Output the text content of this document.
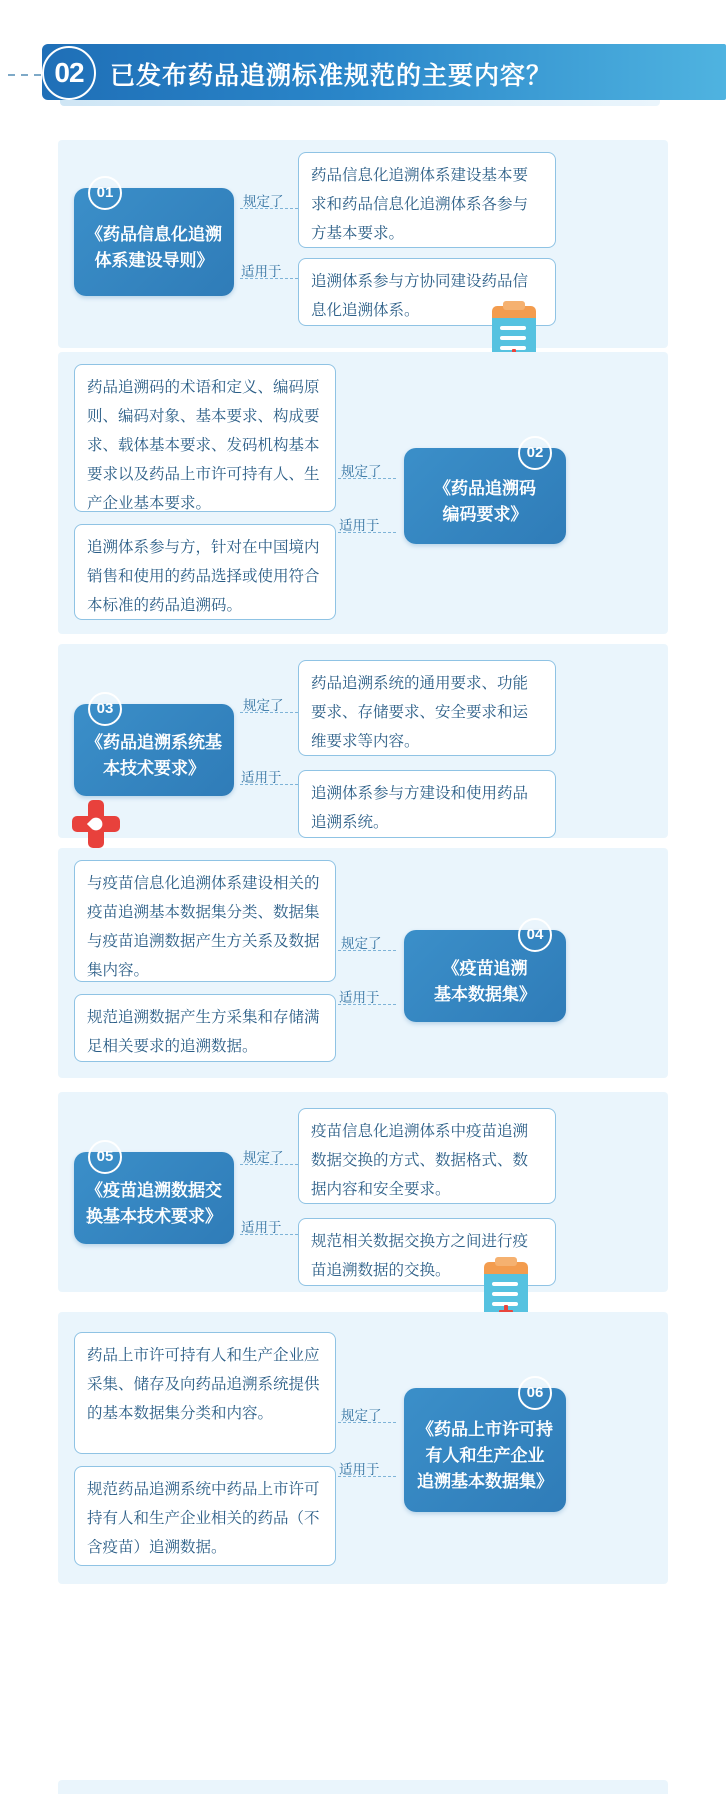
02	已发布药品追溯标准规范的主要内容？
01
《药品信息化追溯
体系建设导则》
规定了
药品信息化追溯体系建设基本要求和药品信息化追溯体系各参与方基本要求。
适用于
追溯体系参与方协同建设药品信息化追溯体系。
药品追溯码的术语和定义、编码原则、编码对象、基本要求、构成要求、载体基本要求、发码机构基本要求以及药品上市许可持有人、生产企业基本要求。
规定了
追溯体系参与方，针对在中国境内销售和使用的药品选择或使用符合本标准的药品追溯码。
适用于
02
《药品追溯码
编码要求》
03
《药品追溯系统基
本技术要求》
规定了
药品追溯系统的通用要求、功能要求、存储要求、安全要求和运维要求等内容。
适用于
追溯体系参与方建设和使用药品追溯系统。
与疫苗信息化追溯体系建设相关的疫苗追溯基本数据集分类、数据集与疫苗追溯数据产生方关系及数据集内容。
规定了
规范追溯数据产生方采集和存储满足相关要求的追溯数据。
适用于
04
《疫苗追溯
基本数据集》
05
《疫苗追溯数据交
换基本技术要求》
规定了
疫苗信息化追溯体系中疫苗追溯数据交换的方式、数据格式、数据内容和安全要求。
适用于
规范相关数据交换方之间进行疫苗追溯数据的交换。
药品上市许可持有人和生产企业应采集、储存及向药品追溯系统提供的基本数据集分类和内容。	规定了
规范药品追溯系统中药品上市许可持有人和生产企业相关的药品（不含疫苗）追溯数据。
适用于
06
《药品上市许可持
有人和生产企业
追溯基本数据集》
